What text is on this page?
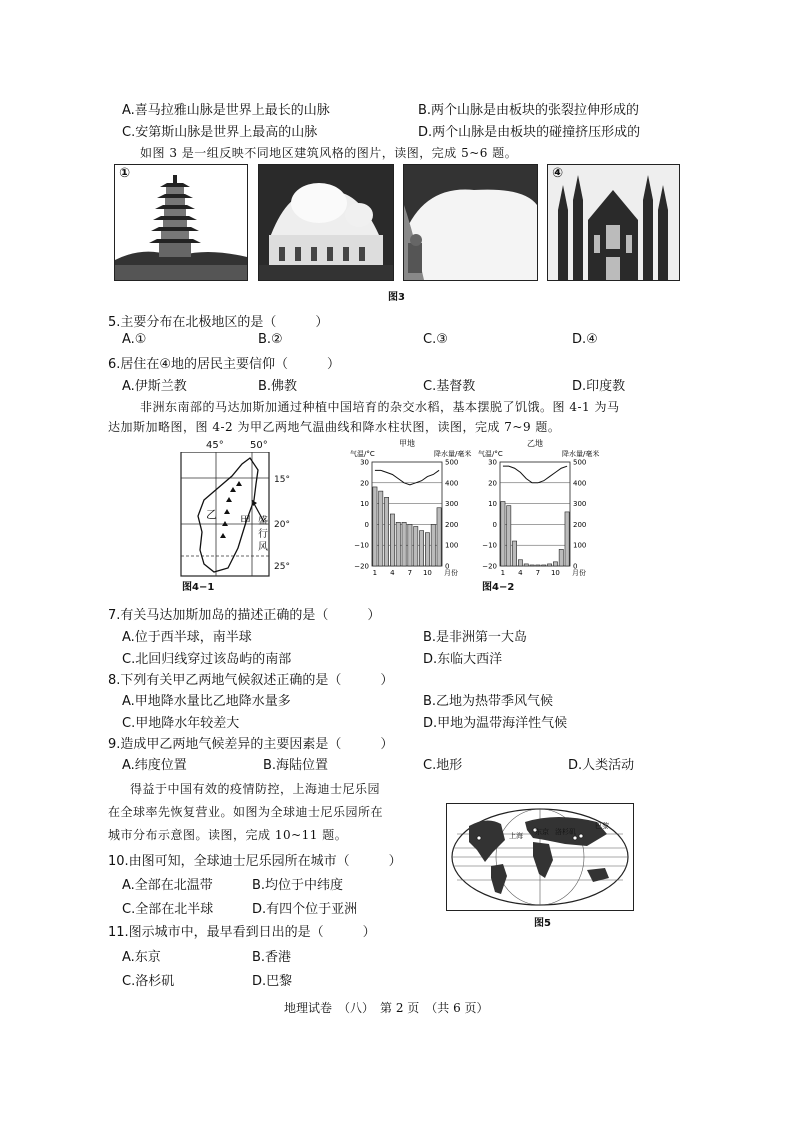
A.喜马拉雅山脉是世界上最长的山脉	B.两个山脉是由板块的张裂拉伸形成的
C.安第斯山脉是世界上最高的山脉	D.两个山脉是由板块的碰撞挤压形成的
如图 3 是一组反映不同地区建筑风格的图片，读图，完成 5~6 题。
①	④
图3
5.主要分布在北极地区的是（　　　）
A.①	B.②	C.③	D.④
6.居住在④地的居民主要信仰（　　　）
A.伊斯兰教	B.佛教	C.基督教	D.印度教
非洲东南部的马达加斯加通过种植中国培育的杂交水稻，基本摆脱了饥饿。图 4-1 为马
达加斯加略图，图 4-2 为甲乙两地气温曲线和降水柱状图，读图，完成 7~9 题。
45°	50°
乙 甲 盛
行
风
15°
20°
25°
图4−1
甲地
气温/°C	降水量/毫米
30
20
10
0
−10
−20
500
400
300
200
100
0
1 4 7 10 月份
乙地
气温/°C	降水量/毫米
30
20
10
0
−10
−20
500
400
300
200
100
0
1 4 7 10 月份
图4−2
7.有关马达加斯加岛的描述正确的是（　　　）
A.位于西半球，南半球	B.是非洲第一大岛
C.北回归线穿过该岛屿的南部	D.东临大西洋
8.下列有关甲乙两地气候叙述正确的是（　　　）
A.甲地降水量比乙地降水量多	B.乙地为热带季风气候
C.甲地降水年较差大	D.甲地为温带海洋性气候
9.造成甲乙两地气候差异的主要因素是（　　　）
A.纬度位置	B.海陆位置	C.地形	D.人类活动
得益于中国有效的疫情防控，上海迪士尼乐园
在全球率先恢复营业。如图为全球迪士尼乐园所在
城市分布示意图。读图，完成 10~11 题。	上海 东京 洛杉矶
巴黎
图5
10.由图可知，全球迪士尼乐园所在城市（　　　）
A.全部在北温带	B.均位于中纬度
C.全部在北半球	D.有四个位于亚洲
11.图示城市中，最早看到日出的是（　　　）
A.东京	B.香港
C.洛杉矶	D.巴黎
地理试卷　（八）　第 2 页　（共 6 页）
